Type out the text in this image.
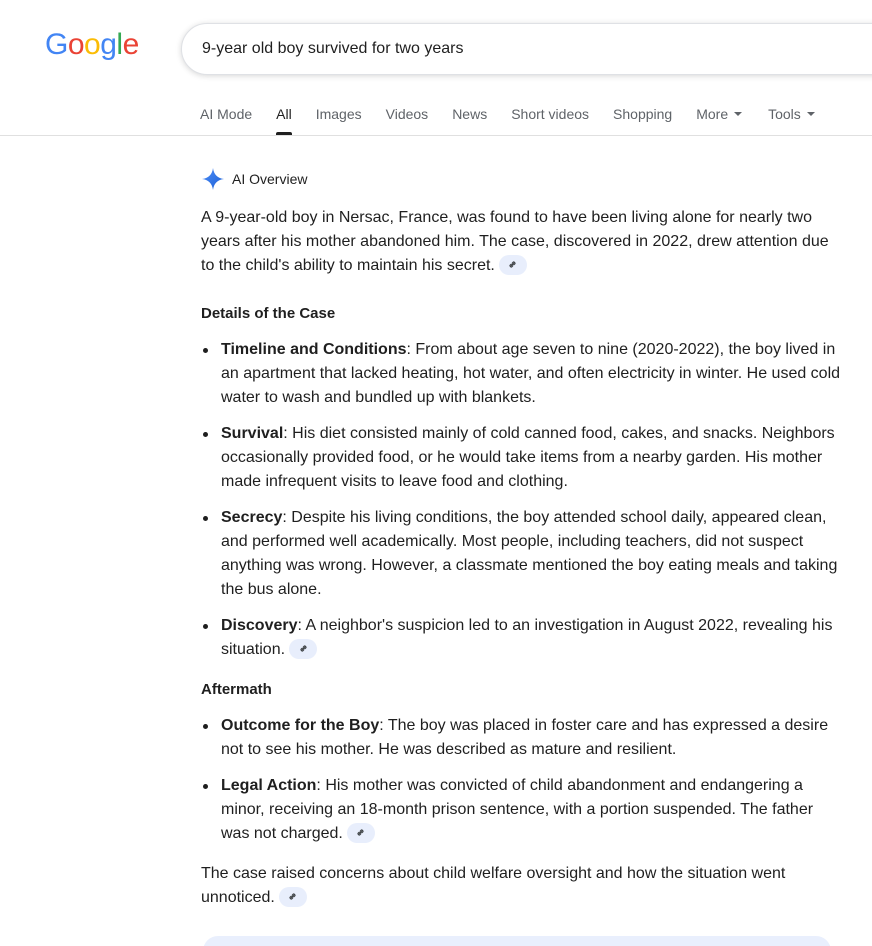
Google
9-year old boy survived for two years
AI Mode All Images Videos News Short videos Shopping More	Tools
AI Overview

A 9-year-old boy in Nersac, France, was found to have been living alone for nearly two years after his mother abandoned him. The case, discovered in 2022, drew attention due to the child's ability to maintain his secret.

Details of the Case
Timeline and Conditions: From about age seven to nine (2020-2022), the boy lived in an apartment that lacked heating, hot water, and often electricity in winter. He used cold water to wash and bundled up with blankets.
Survival: His diet consisted mainly of cold canned food, cakes, and snacks. Neighbors occasionally provided food, or he would take items from a nearby garden. His mother made infrequent visits to leave food and clothing.
Secrecy: Despite his living conditions, the boy attended school daily, appeared clean, and performed well academically. Most people, including teachers, did not suspect anything was wrong. However, a classmate mentioned the boy eating meals and taking the bus alone.
Discovery: A neighbor's suspicion led to an investigation in August 2022, revealing his situation.
Aftermath
Outcome for the Boy: The boy was placed in foster care and has expressed a desire not to see his mother. He was described as mature and resilient.
Legal Action: His mother was convicted of child abandonment and endangering a minor, receiving an 18-month prison sentence, with a portion suspended. The father was not charged.

The case raised concerns about child welfare oversight and how the situation went unnoticed.
